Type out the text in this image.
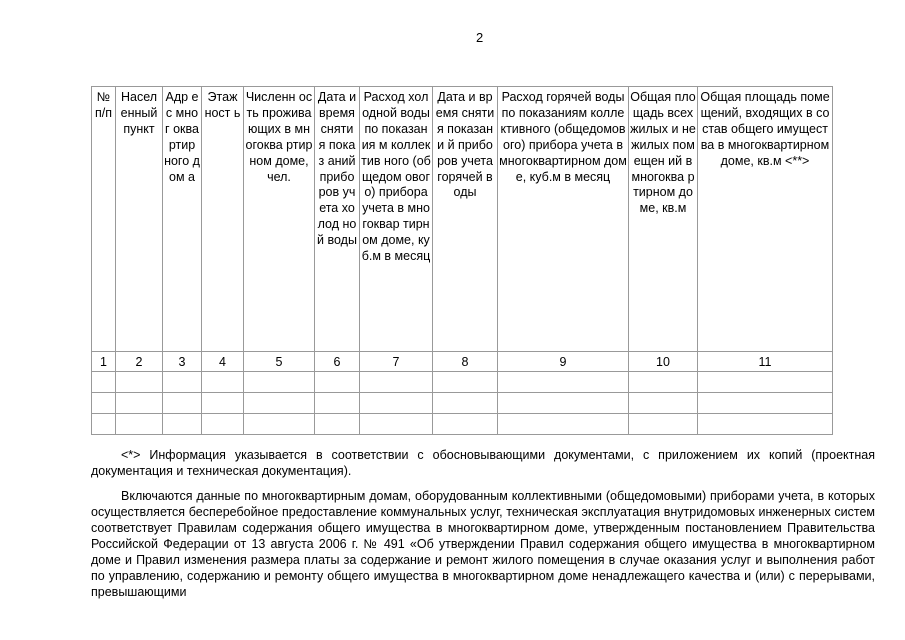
2
№ п/п	Насел енный пункт	Адр ес мног оква ртир ного дом а	Этаж ност ь	Численн ость прожива ющих в многоква ртирном доме, чел.	Дата и время сняти я показ аний прибо ров учета холод ной воды	Расход холодной воды по показания м коллектив ного (общедом ового) прибора учета в многоквар тирном доме, куб.м в месяц	Дата и время снятия показани й приборов учета горячей воды	Расход горячей воды по показаниям коллективного (общедомового) прибора учета в многоквартирном доме, куб.м в месяц	Общая площадь всех жилых и нежилых помещен ий в многоква ртирном доме, кв.м	Общая площадь помещений, входящих в состав общего имущества в многоквартирном доме, кв.м <**>
1	2	3	4	5	6	7	8	9	10	11

<*> Информация указывается в соответствии с обосновывающими документами, с приложением их копий (проектная документация и техническая документация).

Включаются данные по многоквартирным домам, оборудованным коллективными (общедомовыми) приборами учета, в которых осуществляется бесперебойное предоставление коммунальных услуг, техническая эксплуатация внутридомовых инженерных систем соответствует Правилам содержания общего имущества в многоквартирном доме, утвержденным постановлением Правительства Российской Федерации от 13 августа 2006 г. № 491 «Об утверждении Правил содержания общего имущества в многоквартирном доме и Правил изменения размера платы за содержание и ремонт жилого помещения в случае оказания услуг и выполнения работ по управлению, содержанию и ремонту общего имущества в многоквартирном доме ненадлежащего качества и (или) с перерывами, превышающими
